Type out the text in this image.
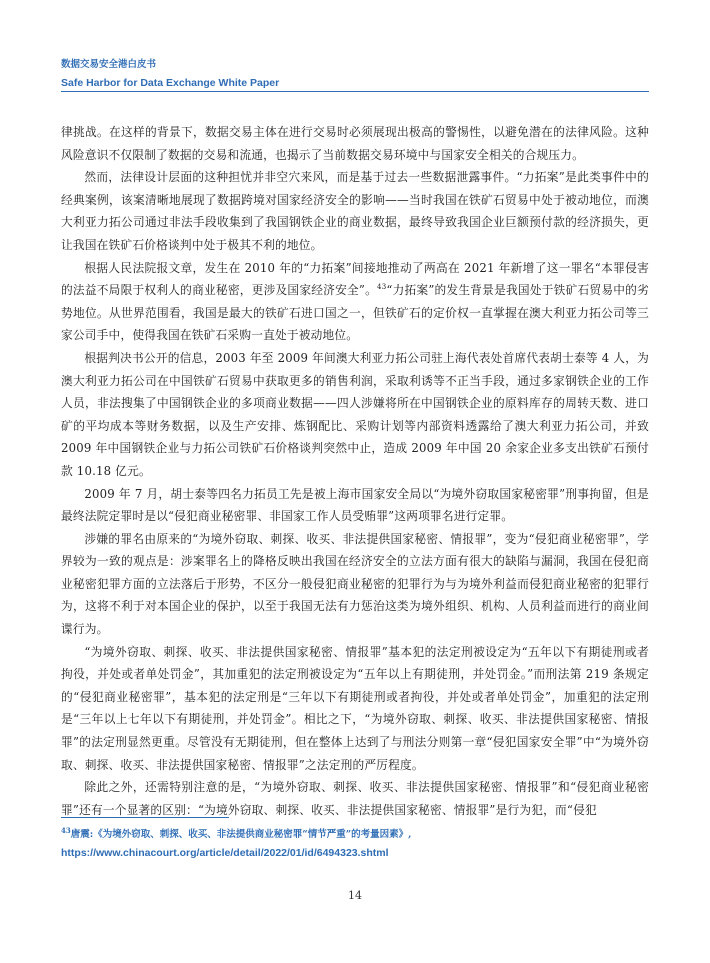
数据交易安全港白皮书
Safe Harbor for Data Exchange White Paper

律挑战。在这样的背景下，数据交易主体在进行交易时必须展现出极高的警惕性，以避免潜在的法律风险。这种风险意识不仅限制了数据的交易和流通，也揭示了当前数据交易环境中与国家安全相关的合规压力。

然而，法律设计层面的这种担忧并非空穴来风，而是基于过去一些数据泄露事件。“力拓案”是此类事件中的经典案例，该案清晰地展现了数据跨境对国家经济安全的影响——当时我国在铁矿石贸易中处于被动地位，而澳大利亚力拓公司通过非法手段收集到了我国钢铁企业的商业数据，最终导致我国企业巨额预付款的经济损失，更让我国在铁矿石价格谈判中处于极其不利的地位。

根据人民法院报文章，发生在 2010 年的“力拓案”间接地推动了两高在 2021 年新增了这一罪名“本罪侵害的法益不局限于权利人的商业秘密，更涉及国家经济安全”。$^{43}$“力拓案”的发生背景是我国处于铁矿石贸易中的劣势地位。从世界范围看，我国是最大的铁矿石进口国之一，但铁矿石的定价权一直掌握在澳大利亚力拓公司等三家公司手中，使得我国在铁矿石采购一直处于被动地位。

根据判决书公开的信息，2003 年至 2009 年间澳大利亚力拓公司驻上海代表处首席代表胡士泰等 4 人，为澳大利亚力拓公司在中国铁矿石贸易中获取更多的销售利润，采取利诱等不正当手段，通过多家钢铁企业的工作人员，非法搜集了中国钢铁企业的多项商业数据——四人涉嫌将所在中国钢铁企业的原料库存的周转天数、进口矿的平均成本等财务数据，以及生产安排、炼钢配比、采购计划等内部资料透露给了澳大利亚力拓公司，并致 2009 年中国钢铁企业与力拓公司铁矿石价格谈判突然中止，造成 2009 年中国 20 余家企业多支出铁矿石预付款 10.18 亿元。

2009 年 7 月，胡士泰等四名力拓员工先是被上海市国家安全局以“为境外窃取国家秘密罪”刑事拘留，但是最终法院定罪时是以“侵犯商业秘密罪、非国家工作人员受贿罪”这两项罪名进行定罪。

涉嫌的罪名由原来的“为境外窃取、刺探、收买、非法提供国家秘密、情报罪”，变为“侵犯商业秘密罪”，学界较为一致的观点是：涉案罪名上的降格反映出我国在经济安全的立法方面有很大的缺陷与漏洞，我国在侵犯商业秘密犯罪方面的立法落后于形势，不区分一般侵犯商业秘密的犯罪行为与为境外利益而侵犯商业秘密的犯罪行为，这将不利于对本国企业的保护，以至于我国无法有力惩治这类为境外组织、机构、人员利益而进行的商业间谍行为。

“为境外窃取、刺探、收买、非法提供国家秘密、情报罪”基本犯的法定刑被设定为“五年以下有期徒刑或者拘役，并处或者单处罚金”，其加重犯的法定刑被设定为“五年以上有期徒刑，并处罚金。”而刑法第 219 条规定的“侵犯商业秘密罪”，基本犯的法定刑是“三年以下有期徒刑或者拘役，并处或者单处罚金”，加重犯的法定刑是“三年以上七年以下有期徒刑，并处罚金”。相比之下，“为境外窃取、刺探、收买、非法提供国家秘密、情报罪”的法定刑显然更重。尽管没有无期徒刑，但在整体上达到了与刑法分则第一章“侵犯国家安全罪”中“为境外窃取、刺探、收买、非法提供国家秘密、情报罪”之法定刑的严厉程度。

除此之外，还需特别注意的是，“为境外窃取、刺探、收买、非法提供国家秘密、情报罪”和“侵犯商业秘密罪”还有一个显著的区别：“为境外窃取、刺探、收买、非法提供国家秘密、情报罪”是行为犯，而“侵犯

$^{43}$唐震:《为境外窃取、刺探、收买、非法提供商业秘密罪“情节严重”的考量因素》,
https://www.chinacourt.org/article/detail/2022/01/id/6494323.shtml
14
